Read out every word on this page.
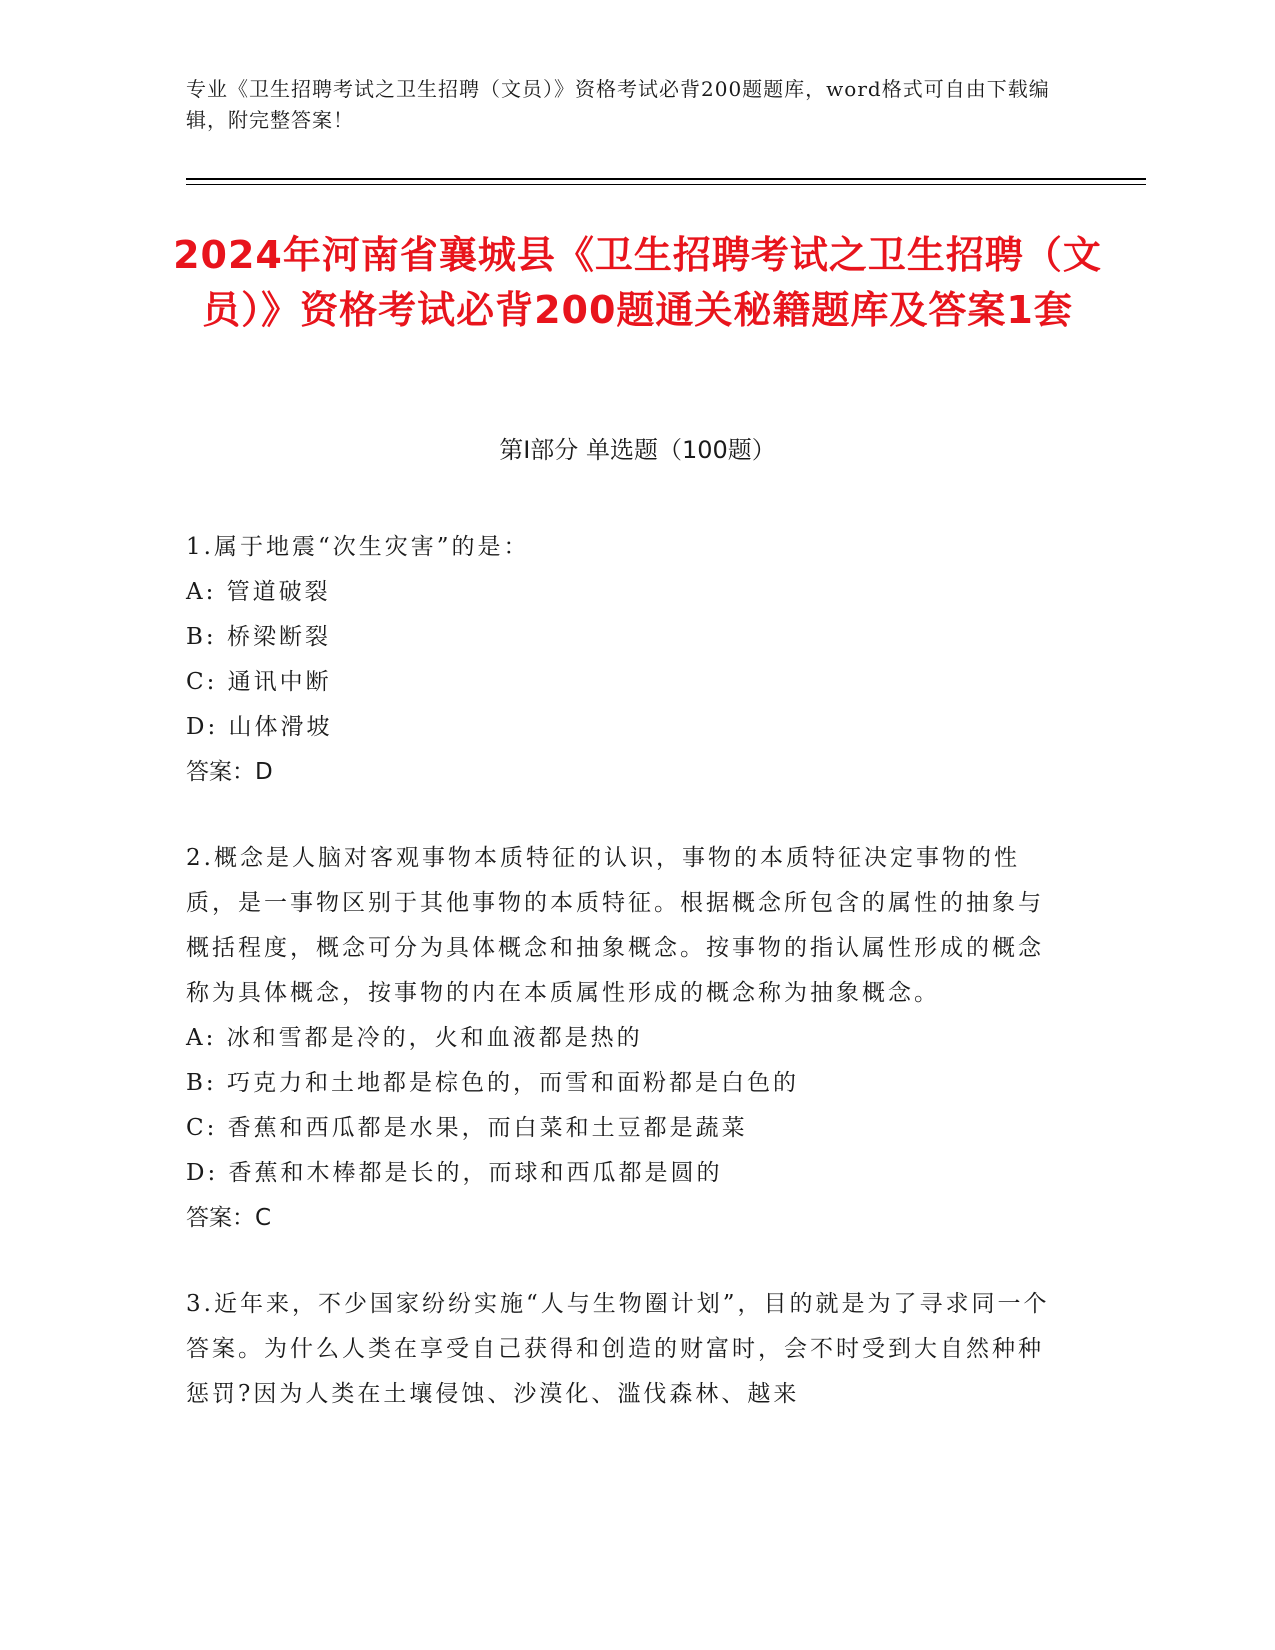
专业《卫生招聘考试之卫生招聘（文员）》资格考试必背200题题库，word格式可自由下载编辑，附完整答案！
2024年河南省襄城县《卫生招聘考试之卫生招聘（文员）》资格考试必背200题通关秘籍题库及答案1套
第Ⅰ部分 单选题（100题）
1.属于地震“次生灾害”的是：
A: 管道破裂
B: 桥梁断裂
C: 通讯中断
D: 山体滑坡
答案：D
2.概念是人脑对客观事物本质特征的认识，事物的本质特征决定事物的性质，是一事物区别于其他事物的本质特征。根据概念所包含的属性的抽象与概括程度，概念可分为具体概念和抽象概念。按事物的指认属性形成的概念称为具体概念，按事物的内在本质属性形成的概念称为抽象概念。
A: 冰和雪都是冷的，火和血液都是热的
B: 巧克力和土地都是棕色的，而雪和面粉都是白色的
C: 香蕉和西瓜都是水果，而白菜和土豆都是蔬菜
D: 香蕉和木棒都是长的，而球和西瓜都是圆的
答案：C
3.近年来，不少国家纷纷实施“人与生物圈计划”，目的就是为了寻求同一个答案。为什么人类在享受自己获得和创造的财富时，会不时受到大自然种种惩罚?因为人类在土壤侵蚀、沙漠化、滥伐森林、越来
